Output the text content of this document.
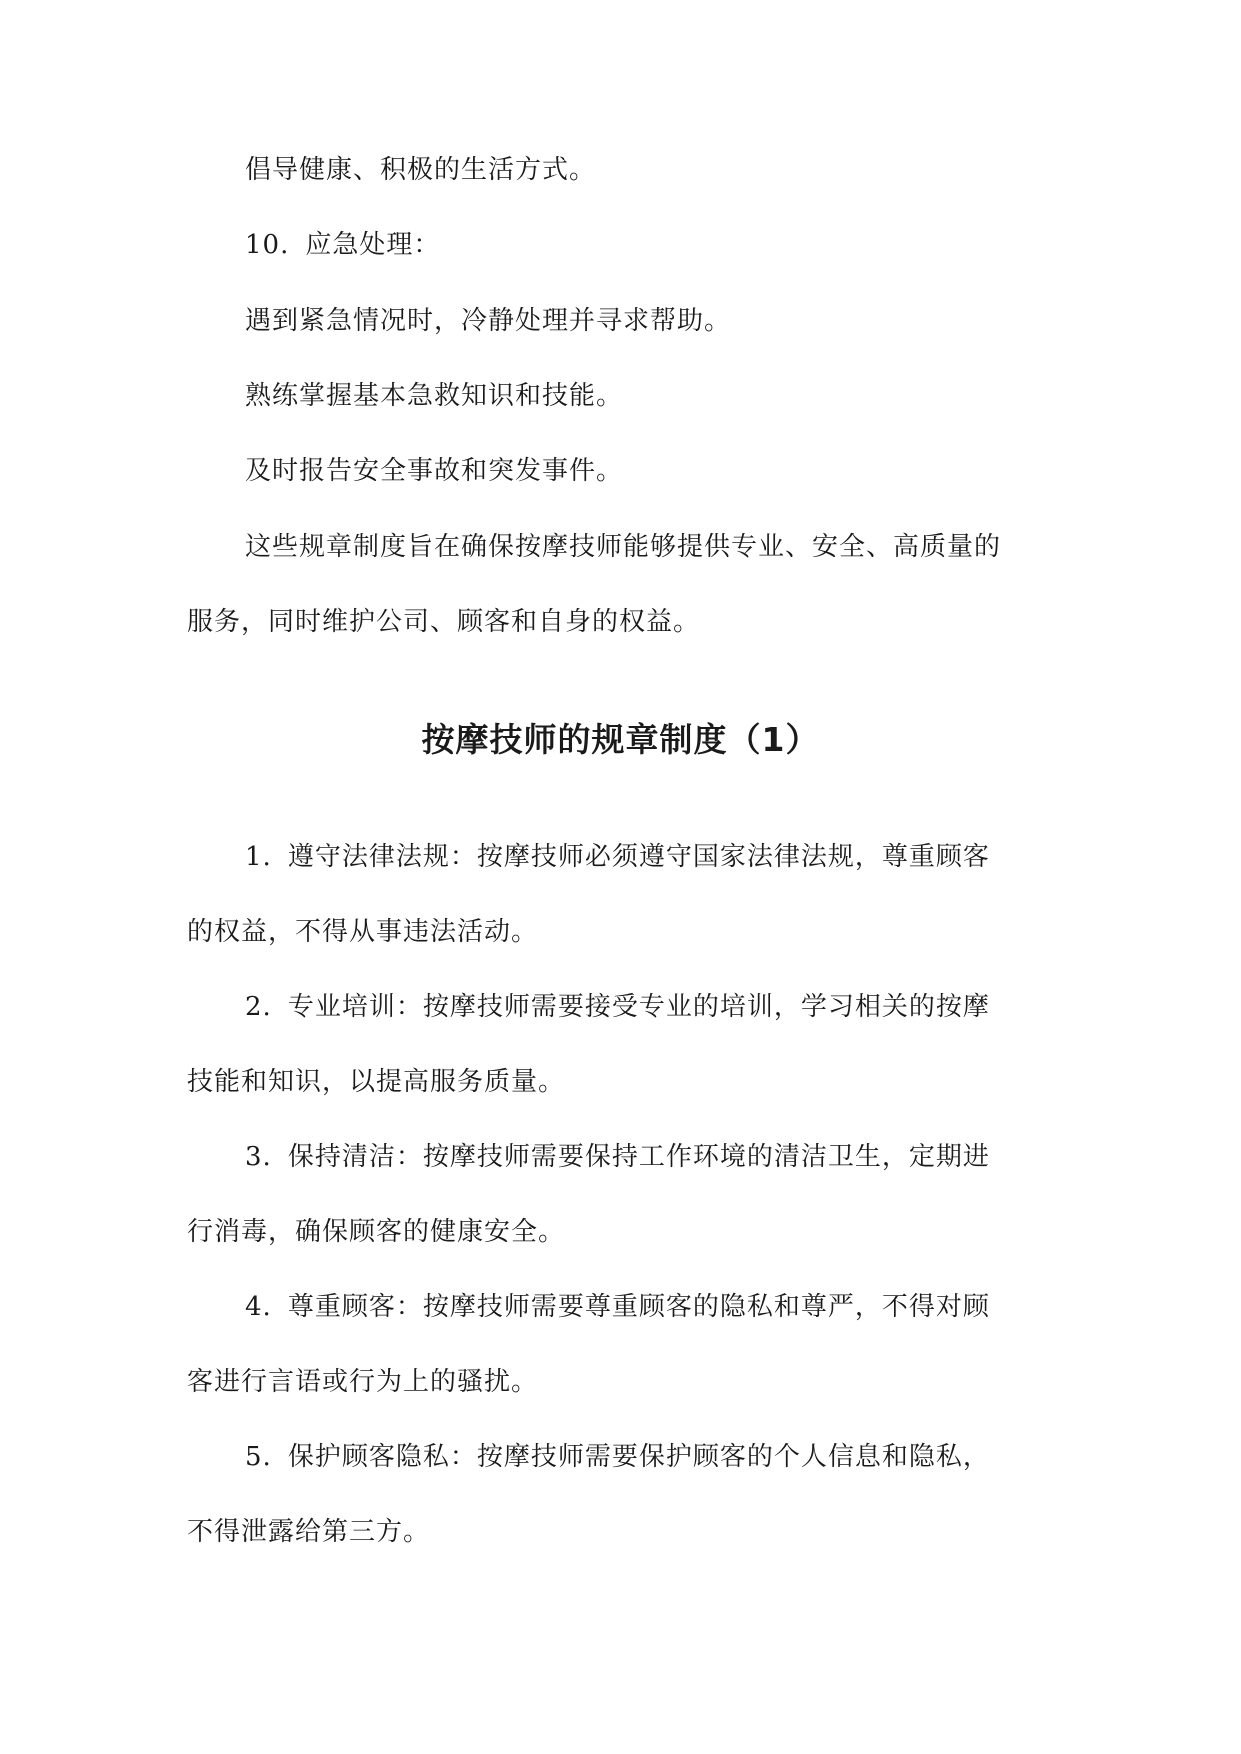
倡导健康、积极的生活方式。

10. 应急处理：

遇到紧急情况时，冷静处理并寻求帮助。

熟练掌握基本急救知识和技能。

及时报告安全事故和突发事件。

这些规章制度旨在确保按摩技师能够提供专业、安全、高质量的

服务，同时维护公司、顾客和自身的权益。

按摩技师的规章制度（1）

1. 遵守法律法规：按摩技师必须遵守国家法律法规，尊重顾客

的权益，不得从事违法活动。

2. 专业培训：按摩技师需要接受专业的培训，学习相关的按摩

技能和知识，以提高服务质量。

3. 保持清洁：按摩技师需要保持工作环境的清洁卫生，定期进

行消毒，确保顾客的健康安全。

4. 尊重顾客：按摩技师需要尊重顾客的隐私和尊严，不得对顾

客进行言语或行为上的骚扰。

5. 保护顾客隐私：按摩技师需要保护顾客的个人信息和隐私，

不得泄露给第三方。
